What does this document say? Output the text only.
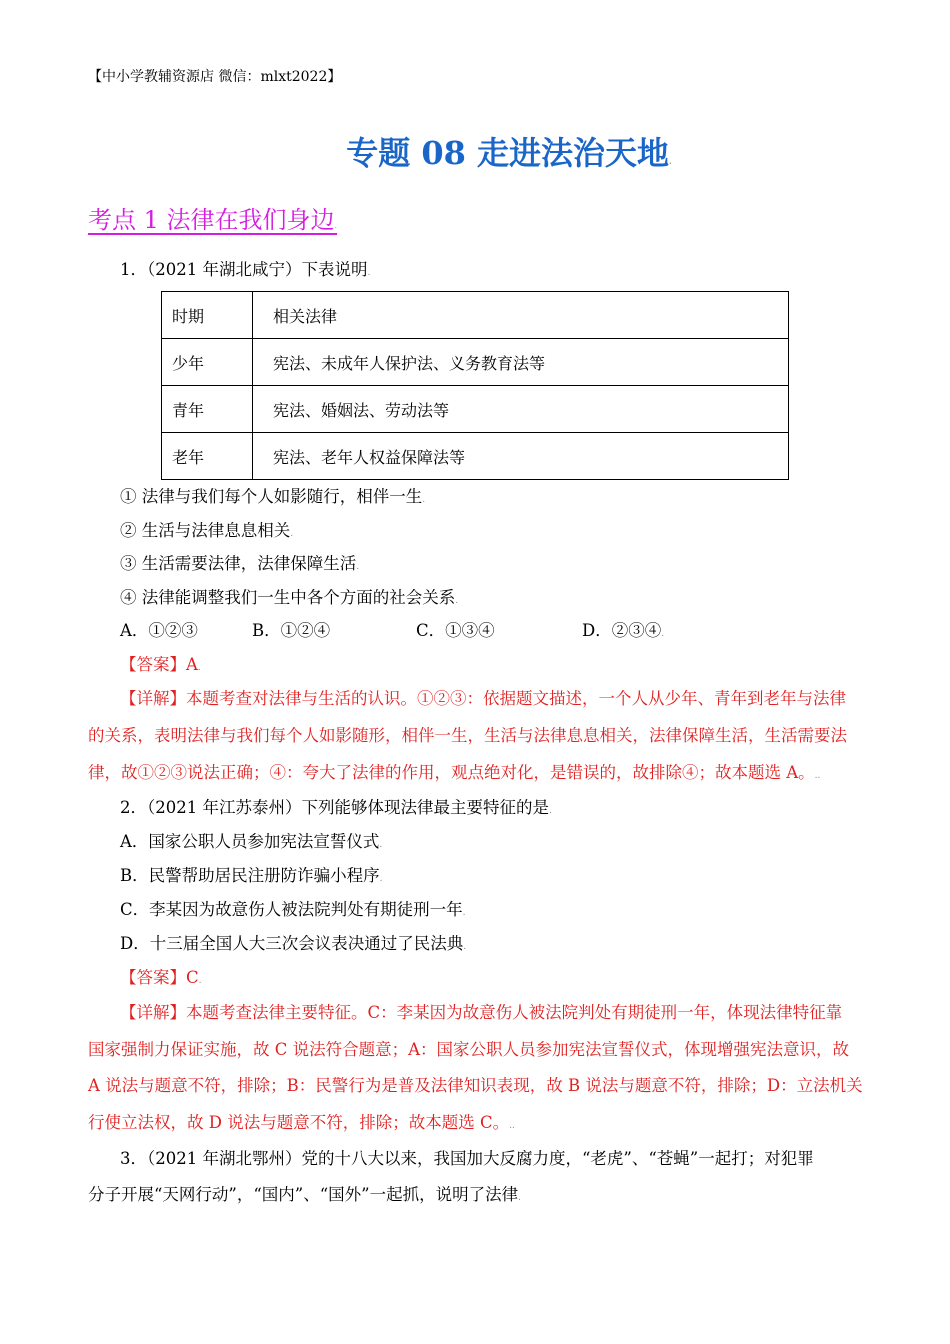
【中小学教辅资源店 微信：mlxt2022】
专题 08 走进法治天地.
考点 1 法律在我们身边.
1．（2021 年湖北咸宁）下表说明.
时期	相关法律
少年	宪法、未成年人保护法、义务教育法等
青年	宪法、婚姻法、劳动法等
老年	宪法、老年人权益保障法等
① 法律与我们每个人如影随行，相伴一生.
② 生活与法律息息相关.
③ 生活需要法律，法律保障生活.
④ 法律能调整我们一生中各个方面的社会关系.
A．①②③	B．①②④	C．①③④	D．②③④.
【答案】A.
【详解】本题考查对法律与生活的认识。①②③：依据题文描述，一个人从少年、青年到老年与法律
的关系，表明法律与我们每个人如影随形，相伴一生，生活与法律息息相关，法律保障生活，生活需要法
律，故①②③说法正确；④：夸大了法律的作用，观点绝对化，是错误的，故排除④；故本题选 A。..
2．（2021 年江苏泰州）下列能够体现法律最主要特征的是.
A．国家公职人员参加宪法宣誓仪式.
B．民警帮助居民注册防诈骗小程序.
C．李某因为故意伤人被法院判处有期徒刑一年.
D．十三届全国人大三次会议表决通过了民法典.
【答案】C.
【详解】本题考查法律主要特征。C：李某因为故意伤人被法院判处有期徒刑一年，体现法律特征靠
国家强制力保证实施，故 C 说法符合题意；A：国家公职人员参加宪法宣誓仪式，体现增强宪法意识，故
A 说法与题意不符，排除；B：民警行为是普及法律知识表现，故 B 说法与题意不符，排除；D：立法机关
行使立法权，故 D 说法与题意不符，排除；故本题选 C。..
3．（2021 年湖北鄂州）党的十八大以来，我国加大反腐力度，“老虎”、“苍蝇”一起打；对犯罪
分子开展“天网行动”，“国内”、“国外”一起抓，说明了法律.
